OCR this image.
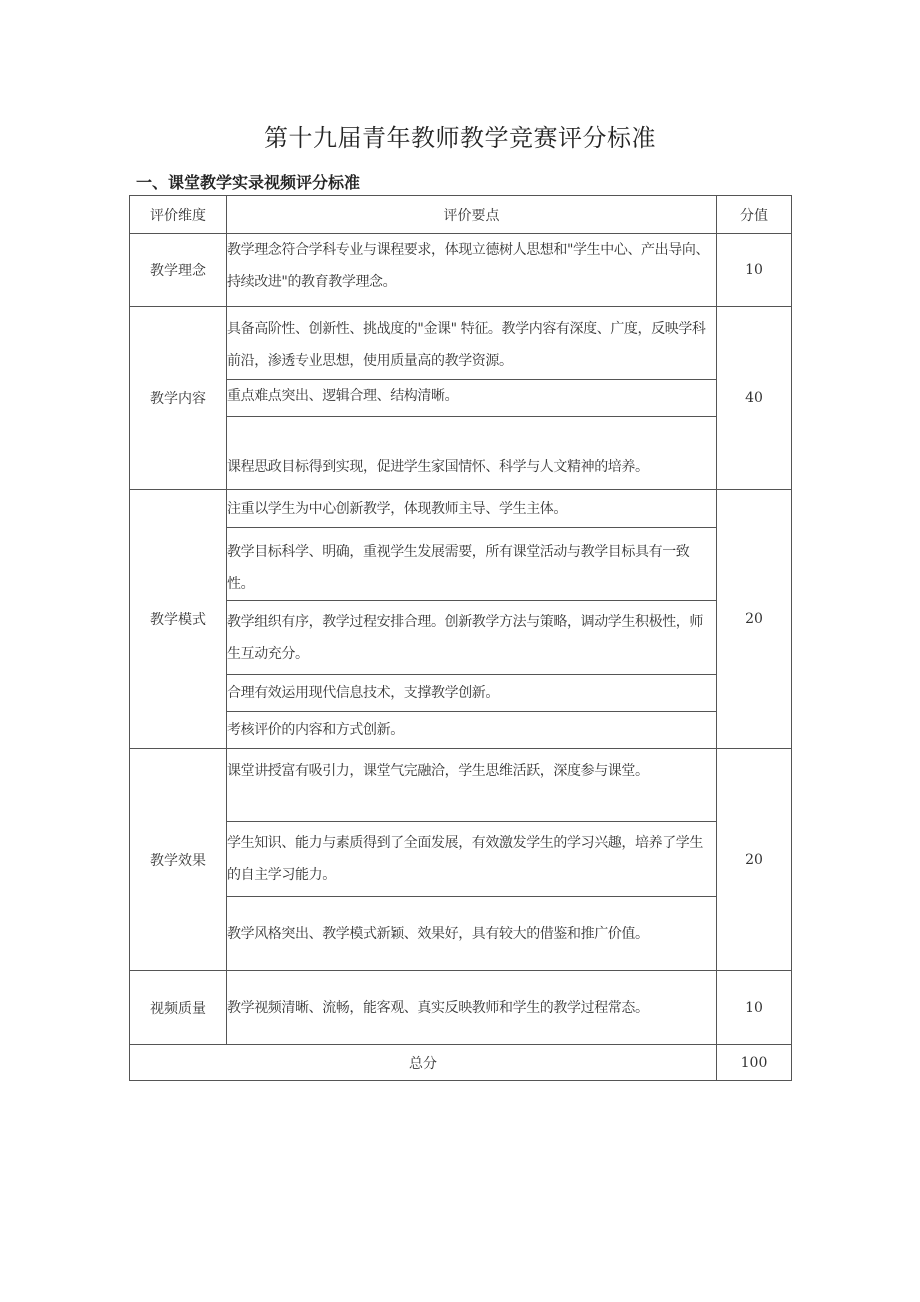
第十九届青年教师教学竞赛评分标准
一、课堂教学实录视频评分标准
评价维度	评价要点	分值
教学理念	教学理念符合学科专业与课程要求，体现立德树人思想和"学生中心、产出导向、持续改进"的教育教学理念。	10
教学内容	具备高阶性、创新性、挑战度的"金课" 特征。教学内容有深度、广度，反映学科前沿，渗透专业思想，使用质量高的教学资源。	40
	重点难点突出、逻辑合理、结构清晰。	
	课程思政目标得到实现，促进学生家国情怀、科学与人文精神的培养。	
教学模式	注重以学生为中心创新教学，体现教师主导、学生主体。	20
	教学目标科学、明确，重视学生发展需要，所有课堂活动与教学目标具有一致性。	
	教学组织有序，教学过程安排合理。创新教学方法与策略，调动学生积极性，师生互动充分。	
	合理有效运用现代信息技术，支撑教学创新。	
	考核评价的内容和方式创新。	
教学效果	课堂讲授富有吸引力，课堂气完融洽，学生思维活跃，深度参与课堂。	20
	学生知识、能力与素质得到了全面发展，有效激发学生的学习兴趣，培养了学生的自主学习能力。	
	教学风格突出、教学模式新颖、效果好，具有较大的借鉴和推广价值。	
视频质量	教学视频清晰、流畅，能客观、真实反映教师和学生的教学过程常态。	10
总分		100
